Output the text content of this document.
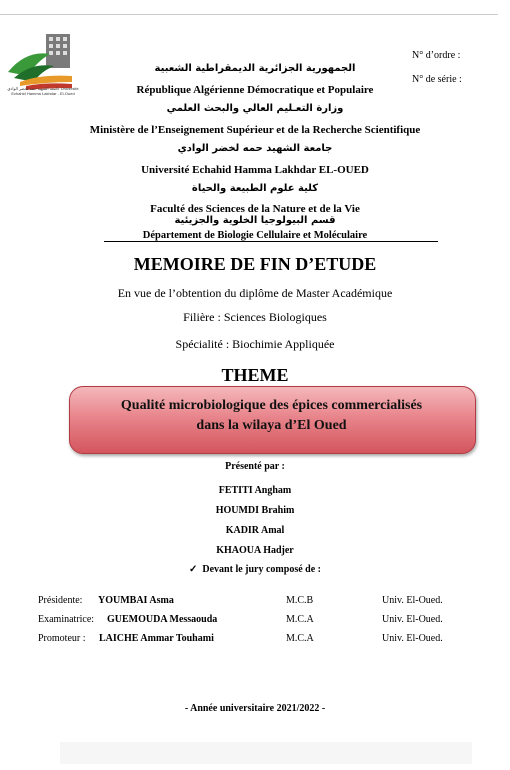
جامعة الشهيد حمة لخضر الوادي Université Echahid Hamma Lakhdar - El-Oued
N° d’ordre :
N° de série :
الجمهورية الجزائرية الديمقراطية الشعبية
République Algérienne Démocratique et Populaire
وزارة التعـليم العالي والبحث العلمي
Ministère de l’Enseignement Supérieur et de la Recherche Scientifique
جامعة الشهيد حمه لخضر الوادي
Université Echahid Hamma Lakhdar EL-OUED
كلية علوم الطبيعة والحياة
Faculté des Sciences de la Nature et de la Vie
قسم البيولوجيا الخلوية والجزيئية
Département de Biologie Cellulaire et Moléculaire
MEMOIRE DE FIN D’ETUDE
En vue de l’obtention du diplôme de Master Académique
Filière : Sciences Biologiques
Spécialité : Biochimie Appliquée
THEME
Qualité microbiologique des épices commercialisés
dans la wilaya d’El Oued
Présenté par :
FETITI Angham
HOUMDI Brahim
KADIR Amal
KHAOUA Hadjer
✓ Devant le jury composé de :
Présidente: YOUMBAI Asma	M.C.B	Univ. El-Oued.
Examinatrice: GUEMOUDA Messaouda	M.C.A	Univ. El-Oued.
Promoteur : LAICHE Ammar Touhami	M.C.A	Univ. El-Oued.
- Année universitaire 2021/2022 -
